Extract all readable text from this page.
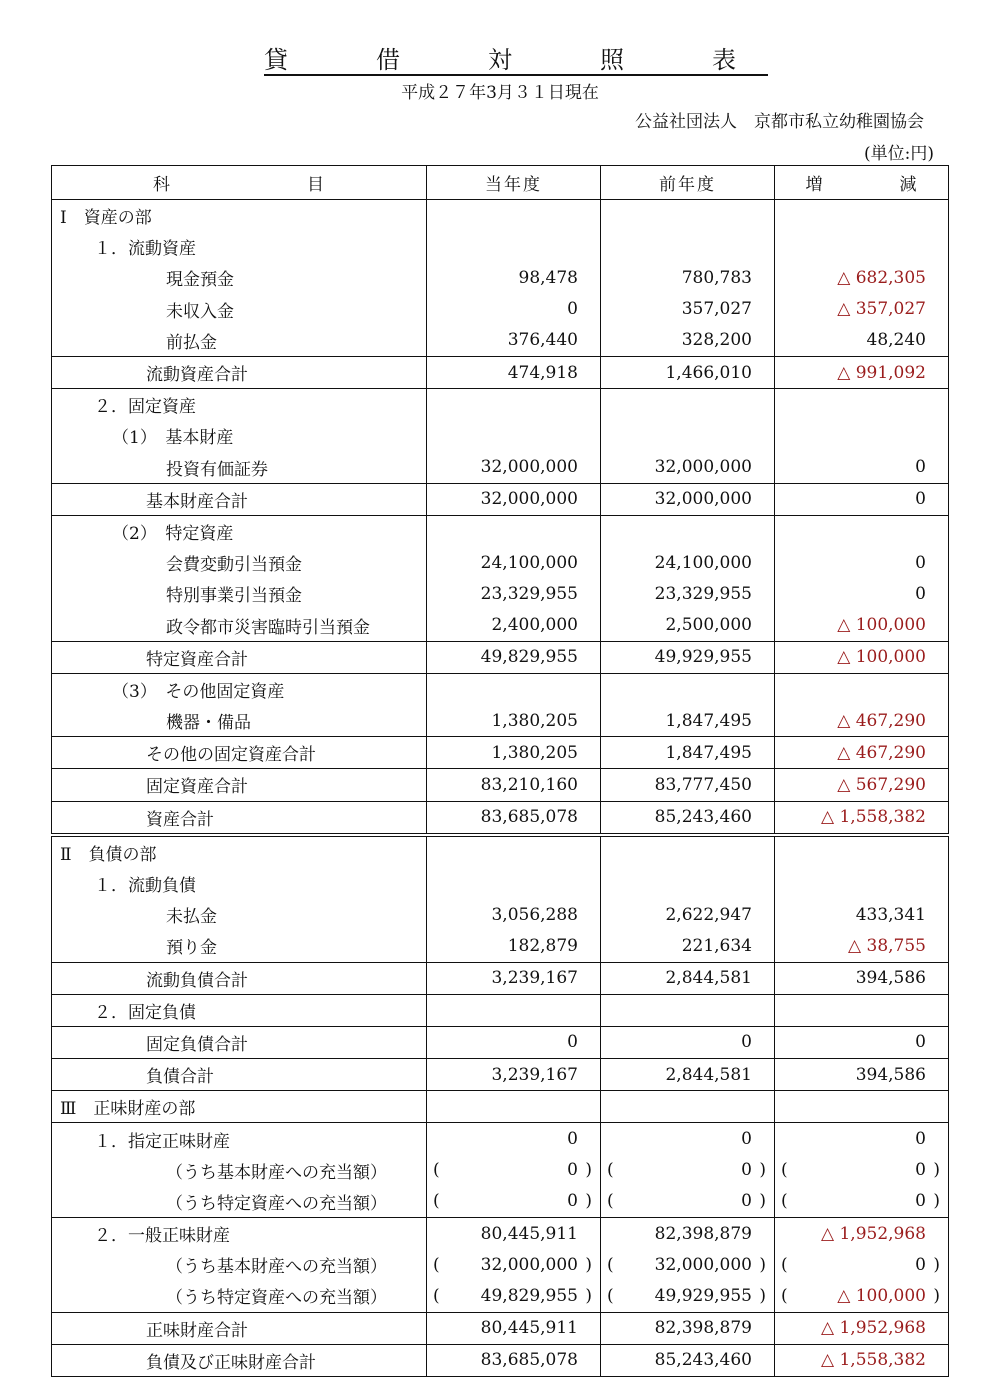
貸　借　対　照　表
平成２７年3月３１日現在
公益社団法人　京都市私立幼稚園協会
(単位:円)
科　目	当年度	前年度	増　減
Ⅰ　資産の部			
１．流動資産			
現金預金	98,478	780,783	△ 682,305
未収入金	0	357,027	△ 357,027
前払金	376,440	328,200	48,240
流動資産合計	474,918	1,466,010	△ 991,092
２．固定資産			
（1）　基本財産			
投資有価証券	32,000,000	32,000,000	0
基本財産合計	32,000,000	32,000,000	0
（2）　特定資産			
会費変動引当預金	24,100,000	24,100,000	0
特別事業引当預金	23,329,955	23,329,955	0
政令都市災害臨時引当預金	2,400,000	2,500,000	△ 100,000
特定資産合計	49,829,955	49,929,955	△ 100,000
（3）　その他固定資産			
機器・備品	1,380,205	1,847,495	△ 467,290
その他の固定資産合計	1,380,205	1,847,495	△ 467,290
固定資産合計	83,210,160	83,777,450	△ 567,290
資産合計	83,685,078	85,243,460	△ 1,558,382
Ⅱ　負債の部			
１．流動負債			
未払金	3,056,288	2,622,947	433,341
預り金	182,879	221,634	△ 38,755
流動負債合計	3,239,167	2,844,581	394,586
２．固定負債			
固定負債合計	0	0	0
負債合計	3,239,167	2,844,581	394,586
Ⅲ　正味財産の部			
１．指定正味財産	0	0	0
（うち基本財産への充当額）	( 0 )	( 0 )	( 0 )
（うち特定資産への充当額）	( 0 )	( 0 )	( 0 )
２．一般正味財産	80,445,911	82,398,879	△ 1,952,968
（うち基本財産への充当額）	( 32,000,000 )	( 32,000,000 )	( 0 )
（うち特定資産への充当額）	( 49,829,955 )	( 49,929,955 )	( △ 100,000 )
正味財産合計	80,445,911	82,398,879	△ 1,952,968
負債及び正味財産合計	83,685,078	85,243,460	△ 1,558,382
